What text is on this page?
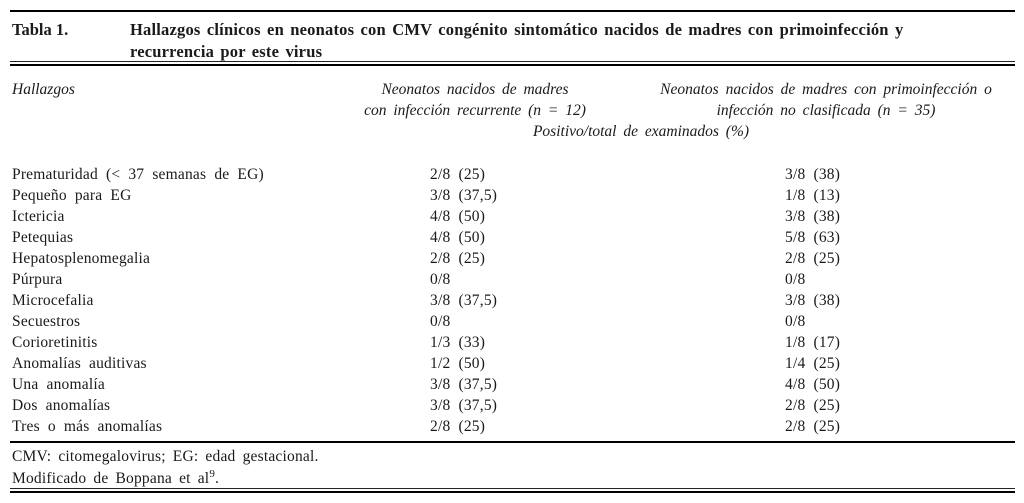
Tabla 1.	Hallazgos clínicos en neonatos con CMV congénito sintomático nacidos de madres con primoinfección y
recurrencia por este virus
Hallazgos	Neonatos nacidos de madres
con infección recurrente (n = 12)
Neonatos nacidos de madres con primoinfección o
infección no clasificada (n = 35)
Positivo/total de examinados (%)
Prematuridad (< 37 semanas de EG)	2/8 (25)	3/8 (38)
Pequeño para EG	3/8 (37,5)	1/8 (13)
Ictericia	4/8 (50)	3/8 (38)
Petequias	4/8 (50)	5/8 (63)
Hepatosplenomegalia	2/8 (25)	2/8 (25)
Púrpura	0/8	0/8
Microcefalia	3/8 (37,5)	3/8 (38)
Secuestros	0/8	0/8
Corioretinitis	1/3 (33)	1/8 (17)
Anomalías auditivas	1/2 (50)	1/4 (25)
Una anomalía	3/8 (37,5)	4/8 (50)
Dos anomalías	3/8 (37,5)	2/8 (25)
Tres o más anomalías	2/8 (25)	2/8 (25)
CMV: citomegalovirus; EG: edad gestacional.
Modificado de Boppana et $al^9$.
